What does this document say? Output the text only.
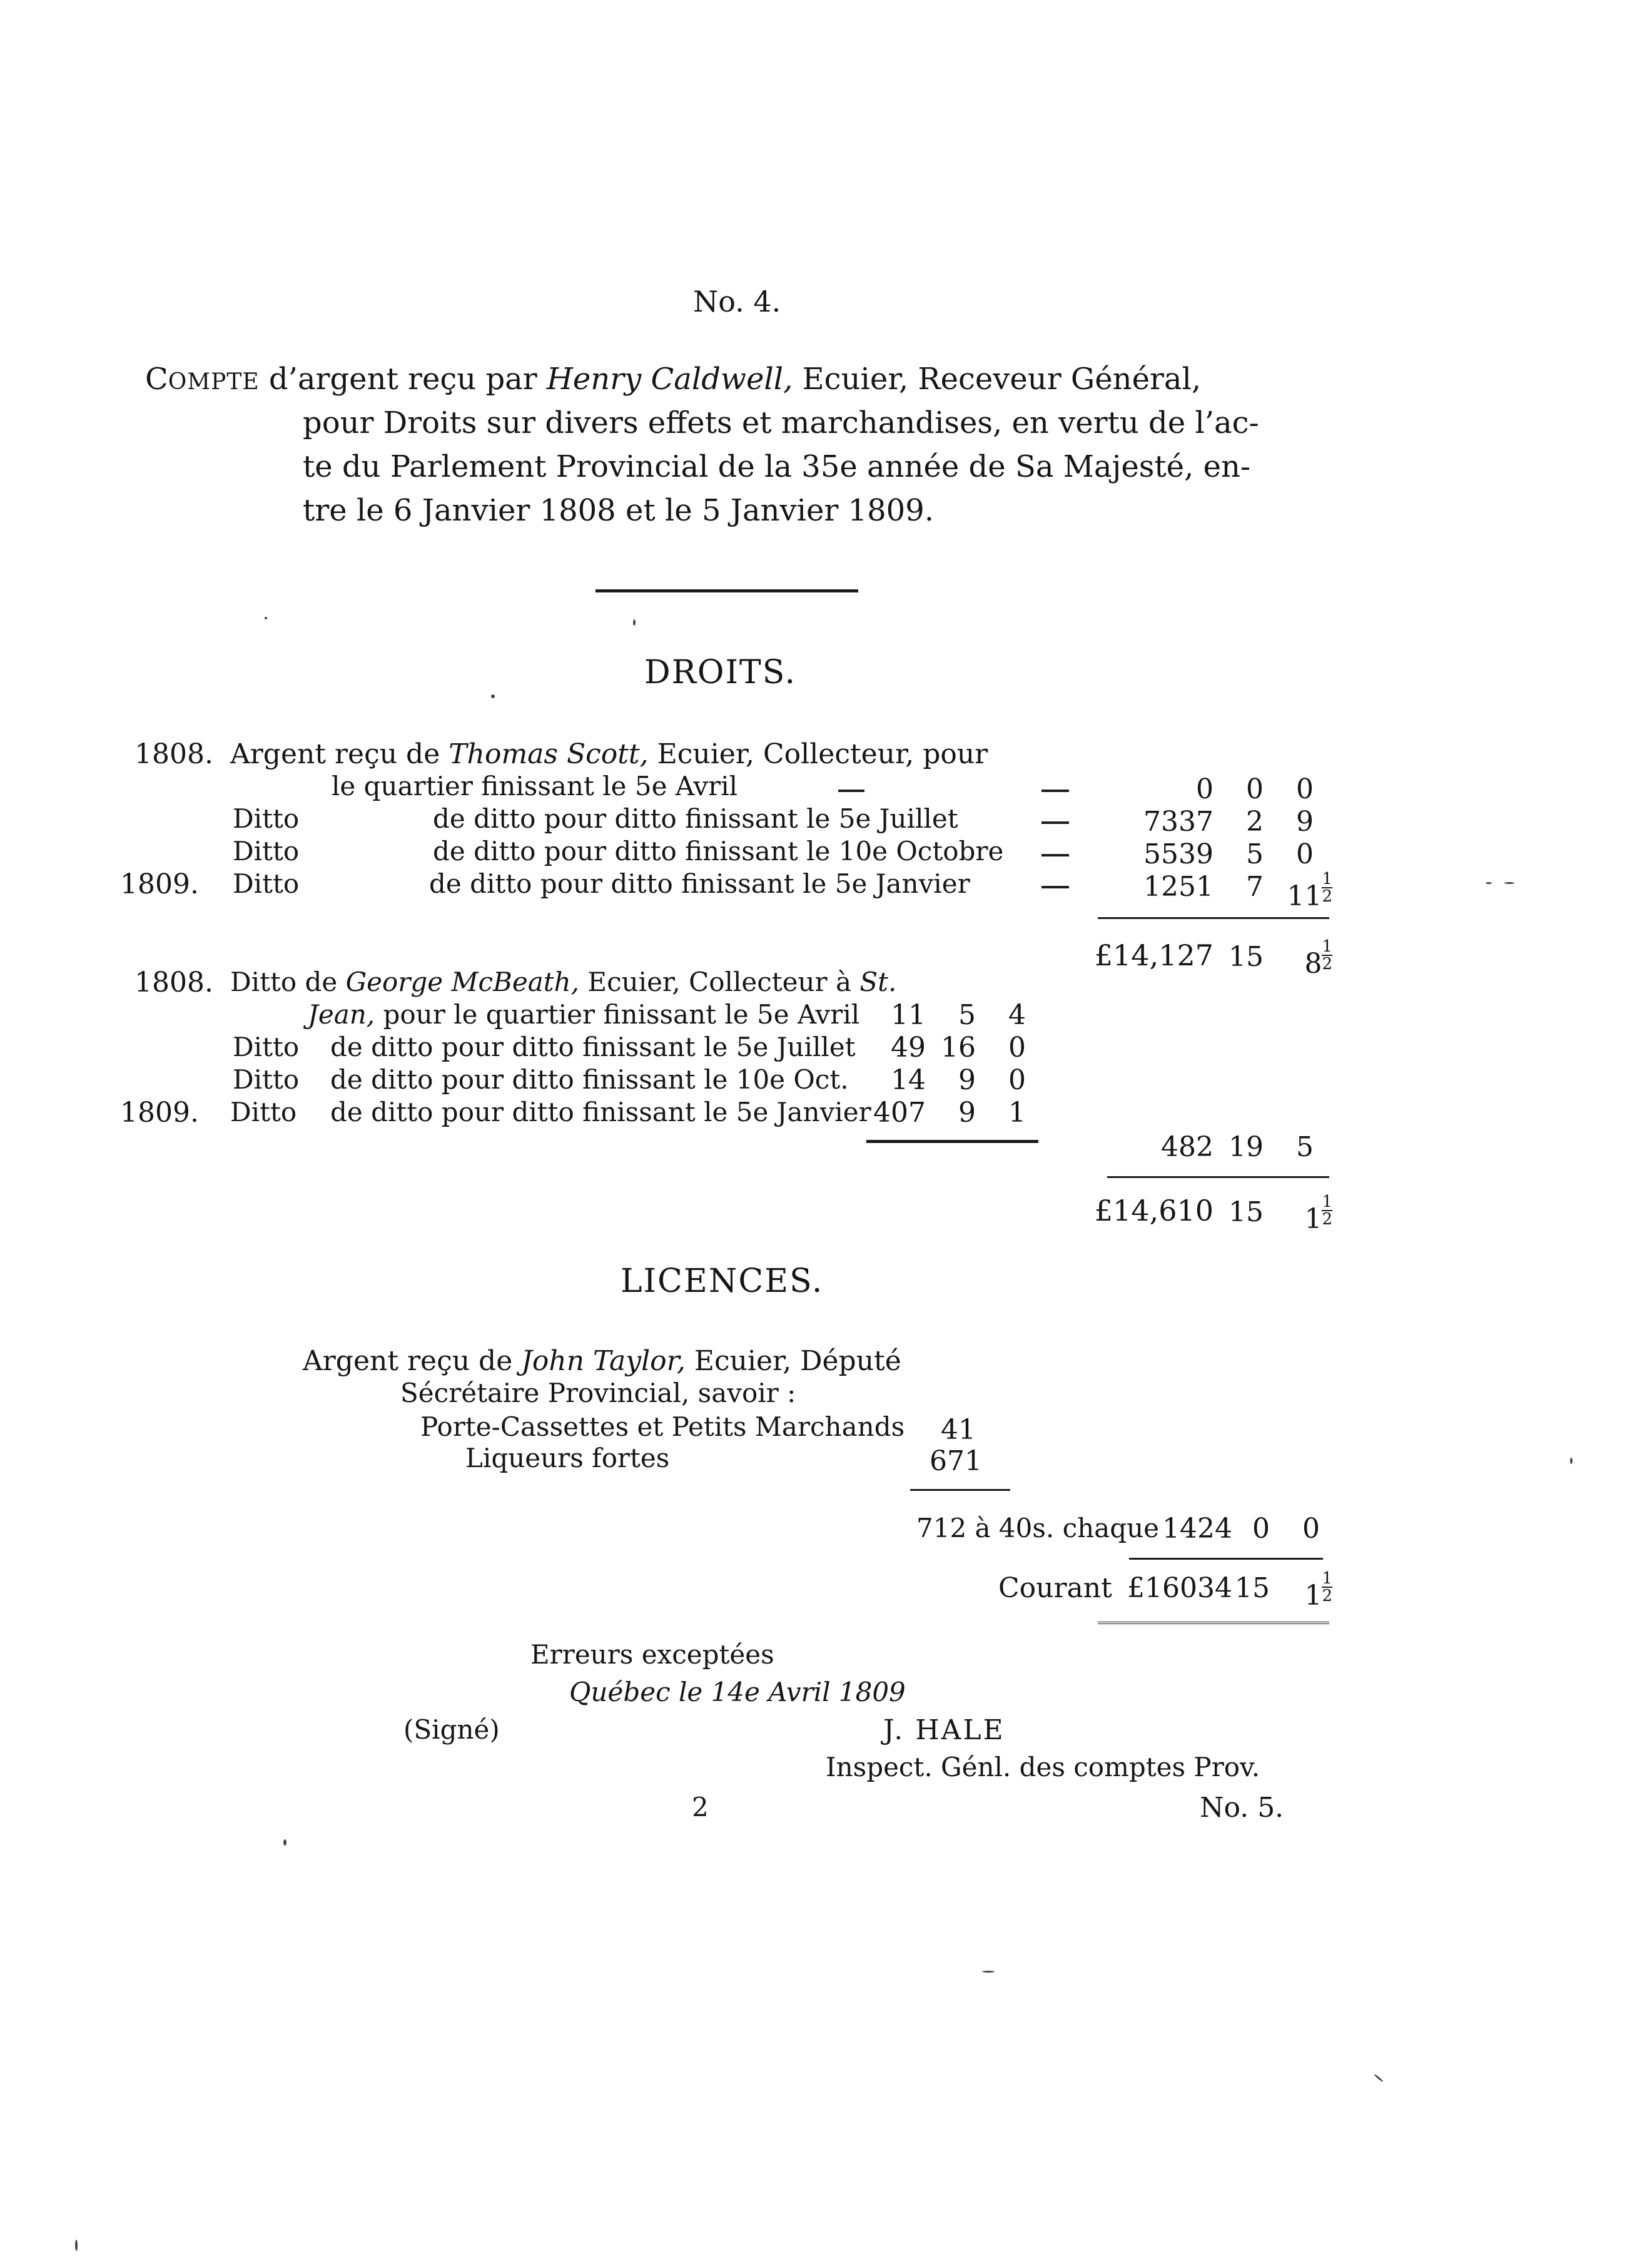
No. 4.
COMPTE d’argent reçu par Henry Caldwell, Ecuier, Receveur Général,
pour Droits sur divers effets et marchandises, en vertu de l’ac-
te du Parlement Provincial de la 35e année de Sa Majesté, en-
tre le 6 Janvier 1808 et le 5 Janvier 1809.
DROITS.
1808. Argent reçu de Thomas Scott, Ecuier, Collecteur, pour
le quartier finissant le 5e Avril	0	0	0
Ditto	de ditto pour ditto finissant le 5e Juillet	7337	2	9
Ditto	de ditto pour ditto finissant le 10e Octobre	5539	5	0
1809. Ditto	de ditto pour ditto finissant le 5e Janvier	1251	7 $11 \frac{1}{2}$
£14,127 15	$8 \frac{1}{2}$
1808. Ditto de George McBeath, Ecuier, Collecteur à St.
Jean, pour le quartier finissant le 5e Avril	11	5	4
Ditto de ditto pour ditto finissant le 5e Juillet	49 16	0
Ditto de ditto pour ditto finissant le 10e Oct.	14	9	0
1809. Ditto de ditto pour ditto finissant le 5e Janvier 407	9	1
482 19	5
£14,610 15	$1 \frac{1}{2}$
LICENCES.
Argent reçu de John Taylor, Ecuier, Député
Sécrétaire Provincial, savoir :
Porte-Cassettes et Petits Marchands	41
Liqueurs fortes	671
712 à 40s. chaque 1424 0	0
Courant £16034 15	$1 \frac{1}{2}$
Erreurs exceptées
Québec le 14e Avril 1809
(Signé)	J. HALE
Inspect. Génl. des comptes Prov.
2	No. 5.
